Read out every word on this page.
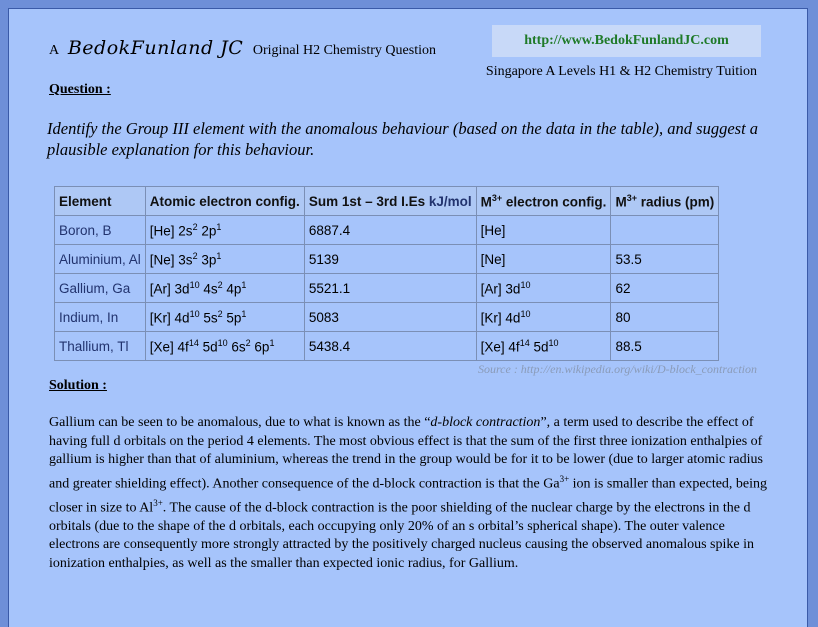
A BedokFunland JC Original H2 Chemistry Question
http://www.BedokFunlandJC.com
Singapore A Levels H1 & H2 Chemistry Tuition
Question :
Identify the Group III element with the anomalous behaviour (based on the data in the table), and suggest a plausible explanation for this behaviour.
Element	Atomic electron config.	Sum 1st – 3rd I.Es kJ/mol	$M^{3+}$ electron config.	$M^{3+}$ radius (pm)
Boron, B	[He] $2s^2$ $2p^1$	6887.4	[He]	
Aluminium, Al	[Ne] $3s^2$ $3p^1$	5139	[Ne]	53.5
Gallium, Ga	[Ar] $3d^{10}$ $4s^2$ $4p^1$	5521.1	[Ar] $3d^{10}$	62
Indium, In	[Kr] $4d^{10}$ $5s^2$ $5p^1$	5083	[Kr] $4d^{10}$	80
Thallium, Tl	[Xe] $4f^{14}$ $5d^{10}$ $6s^2$ $6p^1$	5438.4	[Xe] $4f^{14}$ $5d^{10}$	88.5
Source : http://en.wikipedia.org/wiki/D-block_contraction
Solution :
Gallium can be seen to be anomalous, due to what is known as the “d-block contraction”, a term used to describe the effect of having full d orbitals on the period 4 elements. The most obvious effect is that the sum of the first three ionization enthalpies of gallium is higher than that of aluminium, whereas the trend in the group would be for it to be lower (due to larger atomic radius and greater shielding effect). Another consequence of the d-block contraction is that the $Ga^{3+}$ ion is smaller than expected, being closer in size to $Al^{3+}$. The cause of the d-block contraction is the poor shielding of the nuclear charge by the electrons in the d orbitals (due to the shape of the d orbitals, each occupying only 20% of an s orbital’s spherical shape). The outer valence electrons are consequently more strongly attracted by the positively charged nucleus causing the observed anomalous spike in ionization enthalpies, as well as the smaller than expected ionic radius, for Gallium.
